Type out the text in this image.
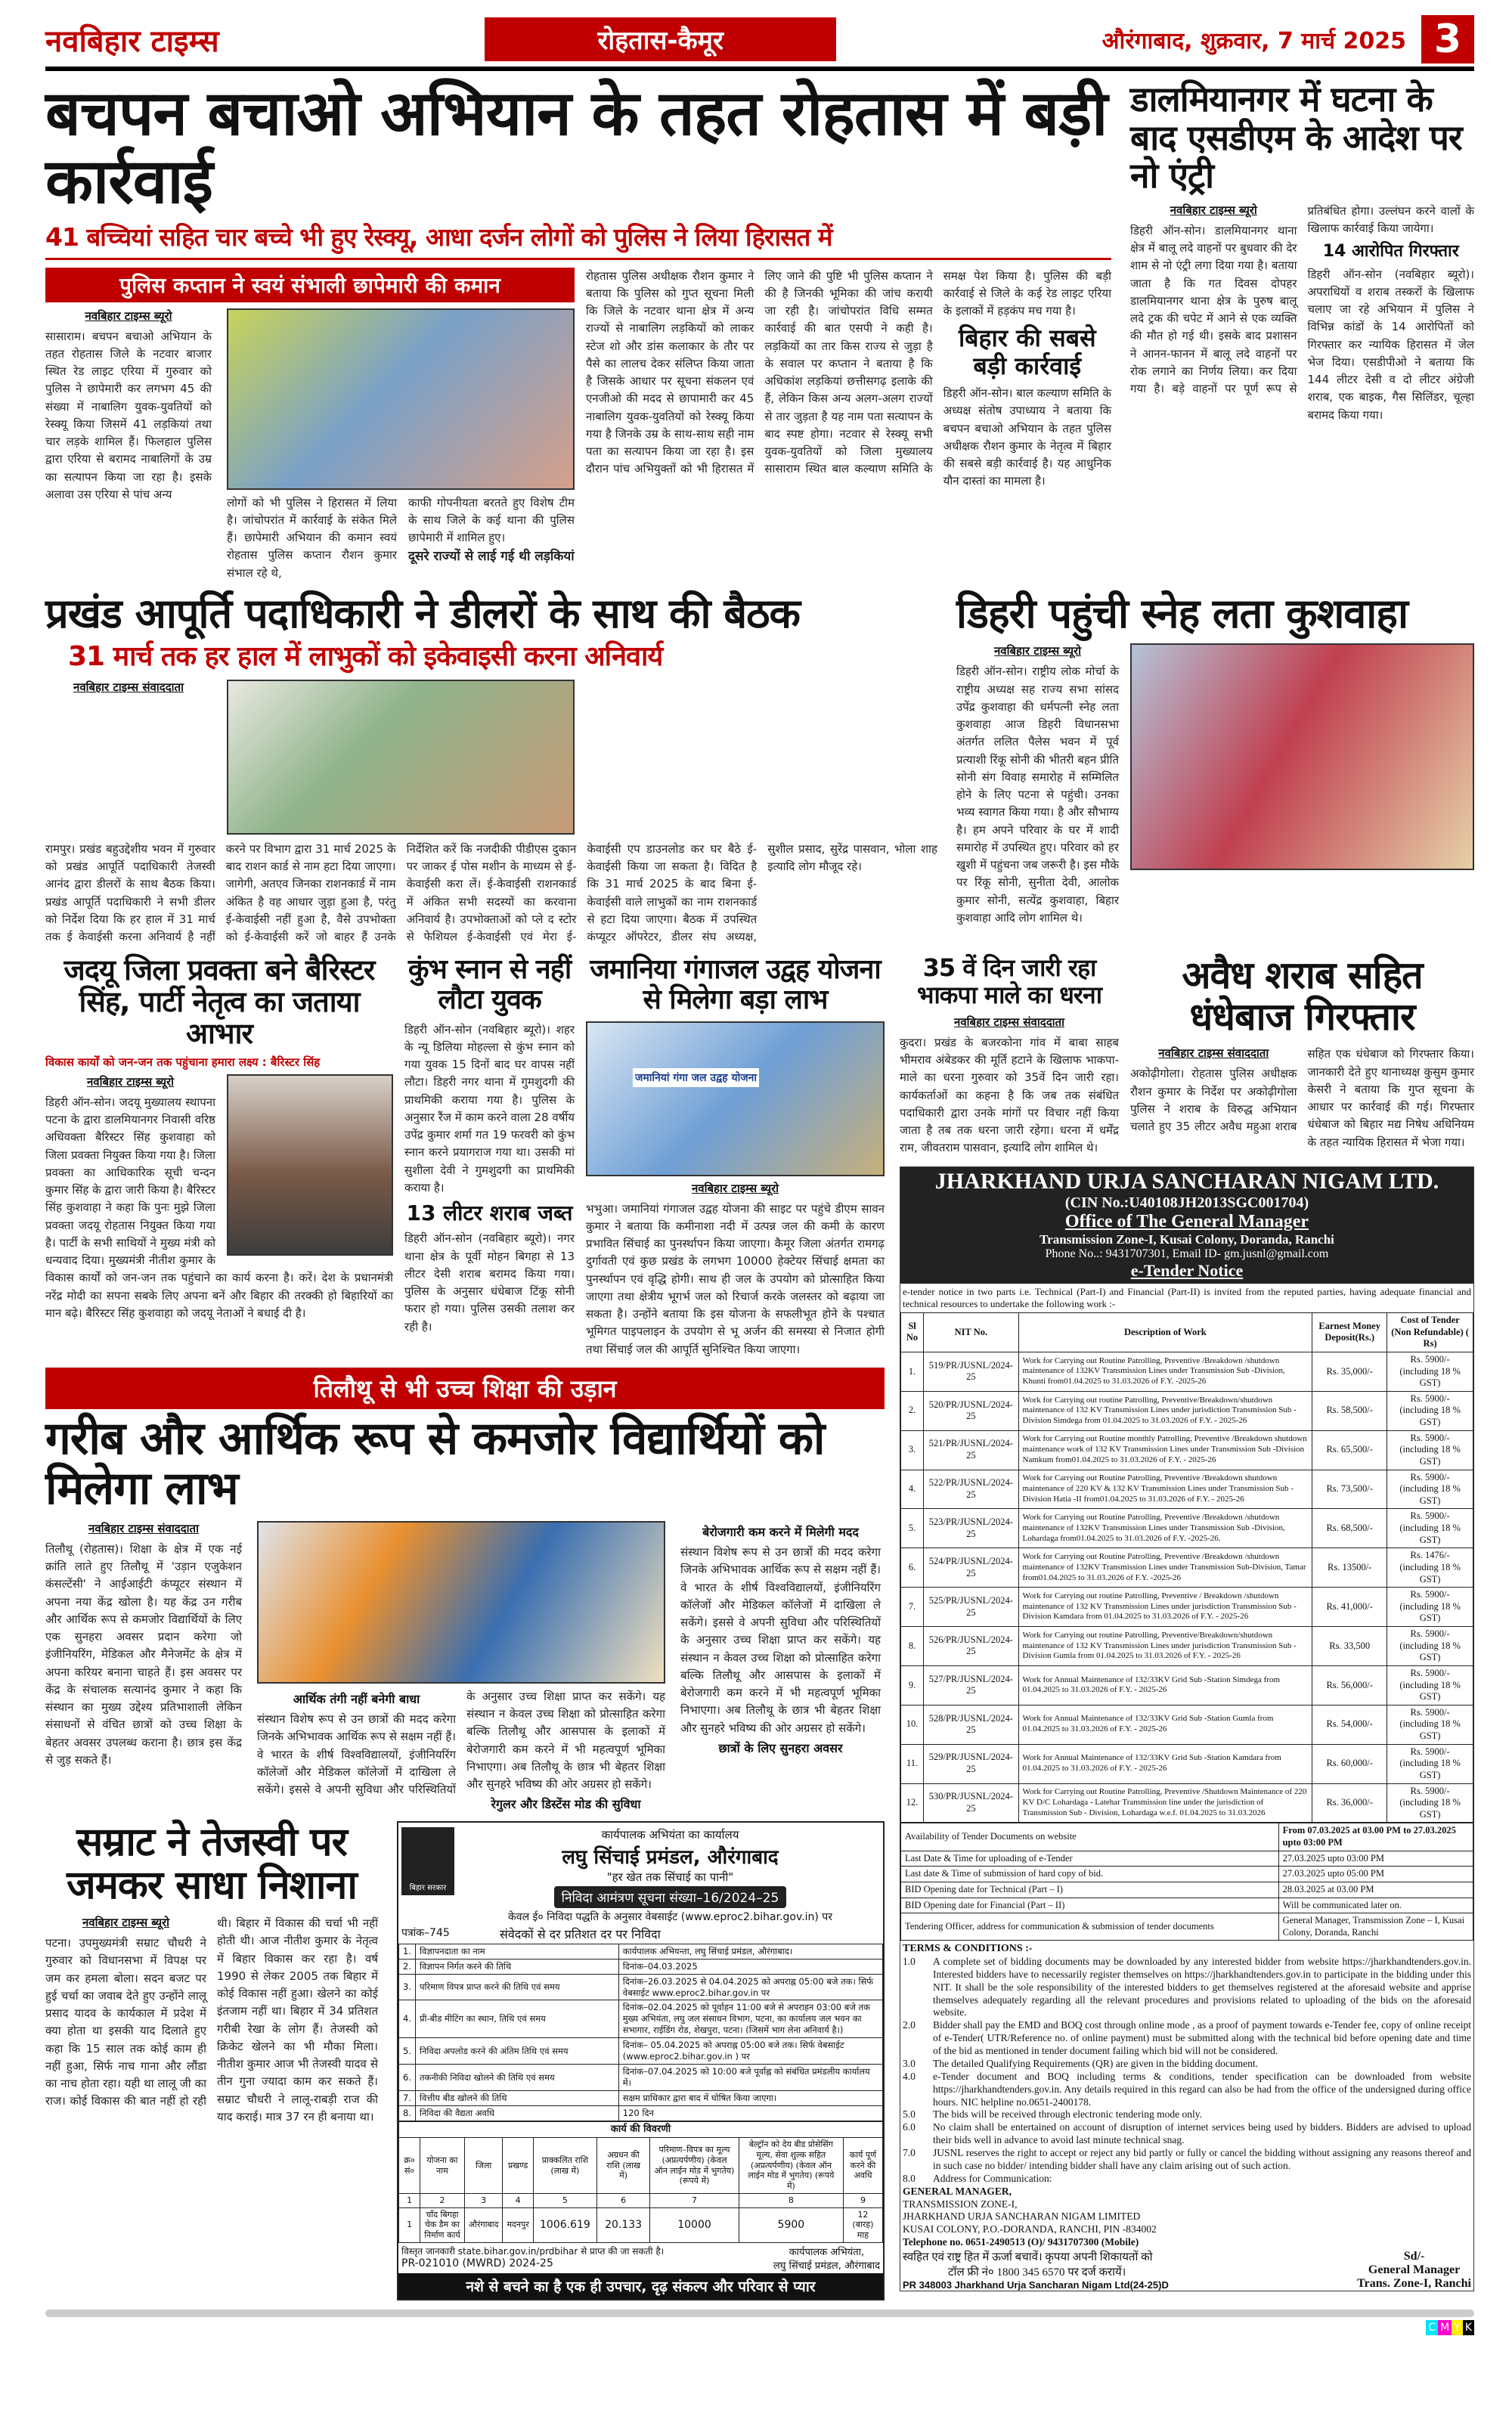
नवबिहार टाइम्स	रोहतास-कैमूर	औरंगाबाद, शुक्रवार, 7 मार्च 2025 3
बचपन बचाओ अभियान के तहत रोहतास में बड़ी कार्रवाई
41 बच्चियां सहित चार बच्चे भी हुए रेस्क्यू, आधा दर्जन लोगों को पुलिस ने लिया हिरासत में
पुलिस कप्तान ने स्वयं संभाली छापेमारी की कमान
नवबिहार टाइम्स ब्यूरो

सासाराम। बचपन बचाओ अभियान के तहत रोहतास जिले के नटवार बाजार स्थित रेड लाइट एरिया में गुरुवार को पुलिस ने छापेमारी कर लगभग 45 की संख्या में नाबालिग युवक-युवतियों को रेस्क्यू किया जिसमें 41 लड़कियां तथा चार लड़के शामिल हैं। फिलहाल पुलिस द्वारा एरिया से बरामद नाबालिगों के उम्र का सत्यापन किया जा रहा है। इसके अलावा उस एरिया से पांच अन्य

लोगों को भी पुलिस ने हिरासत में लिया है। जांचोपरांत में कार्रवाई के संकेत मिले हैं। छापेमारी अभियान की कमान स्वयं रोहतास पुलिस कप्तान रौशन कुमार संभाल रहे थे,

काफी गोपनीयता बरतते हुए विशेष टीम के साथ जिले के कई थाना की पुलिस छापेमारी में शामिल हुए।

दूसरे राज्यों से लाई गई थी लड़कियां

रोहतास पुलिस अधीक्षक रौशन कुमार ने बताया कि पुलिस को गुप्त सूचना मिली कि जिले के नटवार थाना क्षेत्र में अन्य राज्यों से नाबालिग लड़कियों को लाकर स्टेज शो और डांस कलाकार के तौर पर पैसे का लालच देकर संलिप्त किया जाता है जिसके आधार पर सूचना संकलन एवं एनजीओ की मदद से छापामारी कर 45 नाबालिग युवक-युवतियों को रेस्क्यू किया गया है जिनके उम्र के साथ-साथ सही नाम पता का सत्यापन किया जा रहा है। इस दौरान पांच अभियुक्तों को भी हिरासत में लिए जाने की पुष्टि भी पुलिस कप्तान ने की है जिनकी भूमिका की जांच करायी जा रही है। जांचोपरांत विधि सम्मत कार्रवाई की बात एसपी ने कही है। लड़कियों का तार किस राज्य से जुड़ा है के सवाल पर कप्तान ने बताया है कि अधिकांश लड़कियां छत्तीसगढ़ इलाके की हैं, लेकिन किस अन्य अलग-अलग राज्यों से तार जुड़ता है यह नाम पता सत्यापन के बाद स्पष्ट होगा। नटवार से रेस्क्यू सभी युवक-युवतियों को जिला मुख्यालय सासाराम स्थित बाल कल्याण समिति के समक्ष पेश किया है। पुलिस की बड़ी कार्रवाई से जिले के कई रेड लाइट एरिया के इलाकों में हड़कंप मच गया है।

बिहार की सबसे बड़ी कार्रवाई

डिहरी ऑन-सोन। बाल कल्याण समिति के अध्यक्ष संतोष उपाध्याय ने बताया कि बचपन बचाओ अभियान के तहत पुलिस अधीक्षक रौशन कुमार के नेतृत्व में बिहार की सबसे बड़ी कार्रवाई है। यह आधुनिक यौन दास्तां का मामला है।

डालमियानगर में घटना के बाद एसडीएम के आदेश पर नो एंट्री
नवबिहार टाइम्स ब्यूरो

डिहरी ऑन-सोन। डालमियानगर थाना क्षेत्र में बालू लदे वाहनों पर बुधवार की देर शाम से नो एंट्री लगा दिया गया है। बताया जाता है कि गत दिवस दोपहर डालमियानगर थाना क्षेत्र के पुरुष बालू लदे ट्रक की चपेट में आने से एक व्यक्ति की मौत हो गई थी। इसके बाद प्रशासन ने आनन-फानन में बालू लदे वाहनों पर रोक लगाने का निर्णय लिया। कर दिया गया है। बड़े वाहनों पर पूर्ण रूप से प्रतिबंधित होगा। उल्लंघन करने वालों के खिलाफ कार्रवाई किया जायेगा।

14 आरोपित गिरफ्तार

डिहरी ऑन-सोन (नवबिहार ब्यूरो)। अपराधियों व शराब तस्करों के खिलाफ चलाए जा रहे अभियान में पुलिस ने विभिन्न कांडों के 14 आरोपितों को गिरफ्तार कर न्यायिक हिरासत में जेल भेज दिया। एसडीपीओ ने बताया कि 144 लीटर देसी व दो लीटर अंग्रेजी शराब, एक बाइक, गैस सिलिंडर, चूल्हा बरामद किया गया।

प्रखंड आपूर्ति पदाधिकारी ने डीलरों के साथ की बैठक
31 मार्च तक हर हाल में लाभुकों को इकेवाइसी करना अनिवार्य
नवबिहार टाइम्स संवाददाता

रामपुर। प्रखंड बहुउद्देशीय भवन में गुरुवार को प्रखंड आपूर्ति पदाधिकारी तेजस्वी आनंद द्वारा डीलरों के साथ बैठक किया। प्रखंड आपूर्ति पदाधिकारी ने सभी डीलर को निर्देश दिया कि हर हाल में 31 मार्च तक ई केवाईसी करना अनिवार्य है नहीं करने पर विभाग द्वारा 31 मार्च 2025 के बाद राशन कार्ड से नाम हटा दिया जाएगा। जागेगी, अतएव जिनका राशनकार्ड में नाम अंकित है वह आधार जुड़ा हुआ है, परंतु ई-केवाईसी नहीं हुआ है, वैसे उपभोक्ता को ई-केवाईसी करें जो बाहर हैं उनके निर्देशित करें कि नजदीकी पीडीएस दुकान पर जाकर ई पोस मशीन के माध्यम से ई-केवाईसी करा लें। ई-केवाईसी राशनकार्ड में अंकित सभी सदस्यों का करवाना अनिवार्य है। उपभोक्ताओं को प्ले द स्टोर से फेशियल ई-केवाईसी एवं मेरा ई-केवाईसी एप डाउनलोड कर घर बैठे ई-केवाईसी किया जा सकता है। विदित है कि 31 मार्च 2025 के बाद बिना ई-केवाईसी वाले लाभुकों का नाम राशनकार्ड से हटा दिया जाएगा। बैठक में उपस्थित कंप्यूटर ऑपरेटर, डीलर संघ अध्यक्ष, सुशील प्रसाद, सुरेंद्र पासवान, भोला शाह इत्यादि लोग मौजूद रहे।

डिहरी पहुंची स्नेह लता कुशवाहा
नवबिहार टाइम्स ब्यूरो

डिहरी ऑन-सोन। राष्ट्रीय लोक मोर्चा के राष्ट्रीय अध्यक्ष सह राज्य सभा सांसद उपेंद्र कुशवाहा की धर्मपत्नी स्नेह लता कुशवाहा आज डिहरी विधानसभा अंतर्गत ललित पैलेस भवन में पूर्व प्रत्याशी रिंकू सोनी की भीतरी बहन प्रीति सोनी संग विवाह समारोह में सम्मिलित होने के लिए पटना से पहुंची। उनका भव्य स्वागत किया गया। है और सौभाग्य है। हम अपने परिवार के घर में शादी समारोह में उपस्थित हुए। परिवार को हर खुशी में पहुंचना जब जरूरी है। इस मौके पर रिंकू सोनी, सुनीता देवी, आलोक कुमार सोनी, सत्येंद्र कुशवाहा, बिहार कुशवाहा आदि लोग शामिल थे।

जदयू जिला प्रवक्ता बने बैरिस्टर सिंह, पार्टी नेतृत्व का जताया आभार
विकास कार्यों को जन-जन तक पहुंचाना हमारा लक्ष्य : बैरिस्टर सिंह
नवबिहार टाइम्स ब्यूरो

डिहरी ऑन-सोन। जदयू मुख्यालय स्थापना पटना के द्वारा डालमियानगर निवासी वरिष्ठ अधिवक्ता बैरिस्टर सिंह कुशवाहा को जिला प्रवक्ता नियुक्त किया गया है। जिला प्रवक्ता का आधिकारिक सूची चन्दन कुमार सिंह के द्वारा जारी किया है। बैरिस्टर सिंह कुशवाहा ने कहा कि पुनः मुझे जिला प्रवक्ता जदयू रोहतास नियुक्त किया गया है। पार्टी के सभी साथियों ने मुख्य मंत्री को धन्यवाद दिया। मुख्यमंत्री नीतीश कुमार के विकास कार्यों को जन-जन तक पहुंचाने का कार्य करना है। करें। देश के प्रधानमंत्री नरेंद्र मोदी का सपना सबके लिए अपना बनें और बिहार की तरक्की हो बिहारियों का मान बढ़े। बैरिस्टर सिंह कुशवाहा को जदयू नेताओं ने बधाई दी है।

कुंभ स्नान से नहीं लौटा युवक

डिहरी ऑन-सोन (नवबिहार ब्यूरो)। शहर के न्यू डिलिया मोहल्ला से कुंभ स्नान को गया युवक 15 दिनों बाद घर वापस नहीं लौटा। डिहरी नगर थाना में गुमशुदगी की प्राथमिकी कराया गया है। पुलिस के अनुसार रैंज में काम करने वाला 28 वर्षीय उपेंद्र कुमार शर्मा गत 19 फरवरी को कुंभ स्नान करने प्रयागराज गया था। उसकी मां सुशीला देवी ने गुमशुदगी का प्राथमिकी कराया है।

13 लीटर शराब जब्त

डिहरी ऑन-सोन (नवबिहार ब्यूरो)। नगर थाना क्षेत्र के पूर्वी मोहन बिगहा से 13 लीटर देसी शराब बरामद किया गया। पुलिस के अनुसार धंधेबाज टिंकू सोनी फरार हो गया। पुलिस उसकी तलाश कर रही है।

जमानिया गंगाजल उद्वह योजना से मिलेगा बड़ा लाभ
जमानियां गंगा जल उद्वह योजना
नवबिहार टाइम्स ब्यूरो

भभुआ। जमानियां गंगाजल उद्वह योजना की साइट पर पहुंचे डीएम सावन कुमार ने बताया कि कमीनाशा नदी में उत्पन्न जल की कमी के कारण प्रभावित सिंचाई का पुनर्स्थापन किया जाएगा। कैमूर जिला अंतर्गत रामगढ़ दुर्गावती एवं कुछ प्रखंड के लगभग 10000 हेक्टेयर सिंचाई क्षमता का पुनर्स्थापन एवं वृद्धि होगी। साथ ही जल के उपयोग को प्रोत्साहित किया जाएगा तथा क्षेत्रीय भूगर्भ जल को रिचार्ज करके जलस्तर को बढ़ाया जा सकता है। उन्होंने बताया कि इस योजना के सफलीभूत होने के पश्चात भूमिगत पाइपलाइन के उपयोग से भू अर्जन की समस्या से निजात होगी तथा सिंचाई जल की आपूर्ति सुनिश्चित किया जाएगा।

तिलौथू से भी उच्च शिक्षा की उड़ान
गरीब और आर्थिक रूप से कमजोर विद्यार्थियों को मिलेगा लाभ
नवबिहार टाइम्स संवाददाता

तिलौथू (रोहतास)। शिक्षा के क्षेत्र में एक नई क्रांति लाते हुए तिलौथू में 'उड़ान एजुकेशन कंसल्टेंसी' ने आईआईटी कंप्यूटर संस्थान में अपना नया केंद्र खोला है। यह केंद्र उन गरीब और आर्थिक रूप से कमजोर विद्यार्थियों के लिए एक सुनहरा अवसर प्रदान करेगा जो इंजीनियरिंग, मेडिकल और मैनेजमेंट के क्षेत्र में अपना करियर बनाना चाहते हैं। इस अवसर पर केंद्र के संचालक सत्यानंद कुमार ने कहा कि संस्थान का मुख्य उद्देश्य प्रतिभाशाली लेकिन संसाधनों से वंचित छात्रों को उच्च शिक्षा के बेहतर अवसर उपलब्ध कराना है। छात्र इस केंद्र से जुड़ सकते हैं।

आर्थिक तंगी नहीं बनेगी बाधा

संस्थान विशेष रूप से उन छात्रों की मदद करेगा जिनके अभिभावक आर्थिक रूप से सक्षम नहीं हैं। वे भारत के शीर्ष विश्वविद्यालयों, इंजीनियरिंग कॉलेजों और मेडिकल कॉलेजों में दाखिला ले सकेंगे। इससे वे अपनी सुविधा और परिस्थितियों के अनुसार उच्च शिक्षा प्राप्त कर सकेंगे। यह संस्थान न केवल उच्च शिक्षा को प्रोत्साहित करेगा बल्कि तिलौथू और आसपास के इलाकों में बेरोजगारी कम करने में भी महत्वपूर्ण भूमिका निभाएगा। अब तिलौथू के छात्र भी बेहतर शिक्षा और सुनहरे भविष्य की ओर अग्रसर हो सकेंगे।

रेगुलर और डिस्टेंस मोड की सुविधा
बेरोजगारी कम करने में मिलेगी मदद

संस्थान विशेष रूप से उन छात्रों की मदद करेगा जिनके अभिभावक आर्थिक रूप से सक्षम नहीं हैं। वे भारत के शीर्ष विश्वविद्यालयों, इंजीनियरिंग कॉलेजों और मेडिकल कॉलेजों में दाखिला ले सकेंगे। इससे वे अपनी सुविधा और परिस्थितियों के अनुसार उच्च शिक्षा प्राप्त कर सकेंगे। यह संस्थान न केवल उच्च शिक्षा को प्रोत्साहित करेगा बल्कि तिलौथू और आसपास के इलाकों में बेरोजगारी कम करने में भी महत्वपूर्ण भूमिका निभाएगा। अब तिलौथू के छात्र भी बेहतर शिक्षा और सुनहरे भविष्य की ओर अग्रसर हो सकेंगे।

छात्रों के लिए सुनहरा अवसर
सम्राट ने तेजस्वी पर जमकर साधा निशाना
नवबिहार टाइम्स ब्यूरो

पटना। उपमुख्यमंत्री सम्राट चौधरी ने गुरुवार को विधानसभा में विपक्ष पर जम कर हमला बोला। सदन बजट पर हुई चर्चा का जवाब देते हुए उन्होंने लालू प्रसाद यादव के कार्यकाल में प्रदेश में क्या होता था इसकी याद दिलाते हुए कहा कि 15 साल तक कोई काम ही नहीं हुआ, सिर्फ नाच गाना और लौंडा का नाच होता रहा। यही था लालू जी का राज। कोई विकास की बात नहीं हो रही थी। बिहार में विकास की चर्चा भी नहीं होती थी। आज नीतीश कुमार के नेतृत्व में बिहार विकास कर रहा है। वर्ष 1990 से लेकर 2005 तक बिहार में कोई विकास नहीं हुआ। खेलने का कोई इंतजाम नहीं था। बिहार में 34 प्रतिशत गरीबी रेखा के लोग हैं। तेजस्वी को क्रिकेट खेलने का भी मौका मिला। नीतीश कुमार आज भी तेजस्वी यादव से तीन गुना ज्यादा काम कर सकते हैं। सम्राट चौधरी ने लालू-राबड़ी राज की याद कराई। मात्र 37 रन ही बनाया था।

बिहार सरकार
कार्यपालक अभियंता का कार्यालय
लघु सिंचाई प्रमंडल, औरंगाबाद
"हर खेत तक सिंचाई का पानी"
निविदा आमंत्रण सूचना संख्या–16/2024–25
केवल ई० निविदा पद्धति के अनुसार वेबसाईट (www.eproc2.bihar.gov.in) पर
पत्रांक–745	संवेदकों से दर प्रतिशत दर पर निविदा
1.	विज्ञापनदाता का नाम	कार्यपालक अभियन्ता, लघु सिंचाई प्रमंडल, औरंगाबाद।
2.	विज्ञापन निर्गत करने की तिथि	दिनांक–04.03.2025
3.	परिमाण विपत्र प्राप्त करने की तिथि एवं समय	दिनांक–26.03.2025 से 04.04.2025 को अपराह्न 05:00 बजे तक। सिर्फ वेबसाईट www.eproc2.bihar.gov.in पर
4.	प्री-बीड मीटिंग का स्थान, तिथि एवं समय	दिनांक–02.04.2025 को पूर्वाहन 11:00 बजे से अपराहन 03:00 बजे तक मुख्य अभियंता, लघु जल संसाधन विभाग, पटना, का कार्यालय जल भवन का सभागार, राईडिंग रोड, शेखपुरा, पटना। (जिसमें भाग लेना अनिवार्य है।)
5.	निविदा अपलोड करने की अंतिम तिथि एवं समय	दिनांक– 05.04.2025 को अपराह्न 05:00 बजे तक। सिर्फ वेबसाईट (www.eproc2.bihar.gov.in ) पर
6.	तकनीकी निविदा खोलने की तिथि एवं समय	दिनांक–07.04.2025 को 10:00 बजे पूर्वाह्न को संबंधित प्रमंडलीय कार्यालय में।
7.	वित्तीय बीड खोलने की तिथि	सक्षम प्राधिकार द्वारा बाद में घोषित किया जाएगा।
8.	निविदा की वैद्यता अवधि	120 दिन
कार्य की विवरणी								
क्र० सं०	योजना का नाम	जिला	प्रखण्ड	प्राक्कलित राशि (लाख में)	अग्रधन की राशि (लाख में)	परिमाण–विपत्र का मूल्य (अप्रत्यर्पणीय) (केवल ऑन लाईन मोड में भुगतेय) (रूपये में)	बेल्ट्रॉन को देय बीड प्रोसेसिंग मूल्य, सेवा शुल्क सहित (अप्रत्यर्पणीय) (केवल ऑन लाईन मोड में भुगतेय) (रूपये में)	कार्य पूर्ण करने की अवधि
1	2	3	4	5	6	7	8	9
1	चाँद बिगहा चेक डैम का निर्माण कार्य	औरंगाबाद	मदनपुर	1006.619	20.133	10000	5900	12 (बारह) माह
विस्तृत जानकारी state.bihar.gov.in/prdbihar से प्राप्त की जा सकती है।
PR-021010 (MWRD) 2024-25
कार्यपालक अभियंता,
लघु सिंचाई प्रमंडल, औरंगाबाद
नशे से बचने का है एक ही उपचार, दृढ़ संकल्प और परिवार से प्यार
35 वें दिन जारी रहा भाकपा माले का धरना
नवबिहार टाइम्स संवाददाता

कुदरा। प्रखंड के बजरकोना गांव में बाबा साहब भीमराव अंबेडकर की मूर्ति हटाने के खिलाफ भाकपा-माले का धरना गुरुवार को 35वें दिन जारी रहा। कार्यकर्ताओं का कहना है कि जब तक संबंधित पदाधिकारी द्वारा उनके मांगों पर विचार नहीं किया जाता है तब तक धरना जारी रहेगा। धरना में धर्मेंद्र राम, जीवतराम पासवान, इत्यादि लोग शामिल थे।

अवैध शराब सहित धंधेबाज गिरफ्तार
नवबिहार टाइम्स संवाददाता

अकोढ़ीगोला। रोहतास पुलिस अधीक्षक रौशन कुमार के निर्देश पर अकोढ़ीगोला पुलिस ने शराब के विरुद्ध अभियान चलाते हुए 35 लीटर अवैध महुआ शराब सहित एक धंधेबाज को गिरफ्तार किया। जानकारी देते हुए थानाध्यक्ष कुसुम कुमार केसरी ने बताया कि गुप्त सूचना के आधार पर कार्रवाई की गई। गिरफ्तार धंधेबाज को बिहार मद्य निषेध अधिनियम के तहत न्यायिक हिरासत में भेजा गया।

JHARKHAND URJA SANCHARAN NIGAM LTD.
(CIN No.:U40108JH2013SGC001704)
Office of The General Manager
Transmission Zone-I, Kusai Colony, Doranda, Ranchi
Phone No..: 9431707301, Email ID- gm.jusnl@gmail.com
e-Tender Notice

e-tender notice in two parts i.e. Technical (Part-I) and Financial (Part-II) is invited from the reputed parties, having adequate financial and technical resources to undertake the following work :-

Sl No	NIT No.	Description of Work	Earnest Money Deposit(Rs.)	Cost of Tender (Non Refundable) ( Rs)
1.	519/PR/JUSNL/2024-25	Work for Carrying out Routine Patrolling, Preventive /Breakdown /shutdown maintenance of 132KV Transmission Lines under Transmission Sub -Division, Khunti from01.04.2025 to 31.03.2026 of F.Y. -2025-26	Rs. 35,000/-	Rs. 5900/- (including 18 % GST)
2.	520/PR/JUSNL/2024-25	Work for Carrying out routine Patrolling, Preventive/Breakdown/shutdown maintenance of 132 KV Transmission Lines under jurisdiction Transmission Sub - Division Simdega from 01.04.2025 to 31.03.2026 of F.Y. - 2025-26	Rs. 58,500/-	Rs. 5900/- (including 18 % GST)
3.	521/PR/JUSNL/2024-25	Work for Carrying out Routine monthly Patrolling, Preventive /Breakdown shutdown maintenance work of 132 KV Transmission Lines under Transmission Sub -Division Namkum from01.04.2025 to 31.03.2026 of F.Y. - 2025-26	Rs. 65,500/-	Rs. 5900/- (including 18 % GST)
4.	522/PR/JUSNL/2024-25	Work for Carrying out Routine Patrolling, Preventive /Breakdown shutdown maintenance of 220 KV & 132 KV Transmission Lines under Transmission Sub -Division Hatia -II from01.04.2025 to 31.03.2026 of F.Y. - 2025-26	Rs. 73,500/-	Rs. 5900/- (including 18 % GST)
5.	523/PR/JUSNL/2024-25	Work for Carrying out Routine Patrolling, Preventive /Breakdown /shutdown maintenance of 132KV Transmission Lines under Transmission Sub -Division, Lohardaga from01.04.2025 to 31.03.2026 of F.Y. -2025-26.	Rs. 68,500/-	Rs. 5900/- (including 18 % GST)
6.	524/PR/JUSNL/2024-25	Work for Carrying out Routine Patrolling, Preventive /Breakdown /shutdown maintenance of 132KV Transmission Lines under Transmission Sub-Division, Tamar from01.04.2025 to 31.03.2026 of F.Y. -2025-26	Rs. 13500/-	Rs. 1476/- (including 18 % GST)
7.	525/PR/JUSNL/2024-25	Work for Carrying out routine Patrolling, Preventive / Breakdown /shutdown maintenance of 132 KV Transmission Lines under jurisdiction Transmission Sub -Division Kamdara from 01.04.2025 to 31.03.2026 of F.Y. - 2025-26	Rs. 41,000/-	Rs. 5900/- (including 18 % GST)
8.	526/PR/JUSNL/2024-25	Work for Carrying out routine Patrolling, Preventive/Breakdown/shutdown maintenance of 132 KV Transmission Lines under jurisdiction Transmission Sub - Division Gumla from 01.04.2025 to 31.03.2026 of F.Y. - 2025-26	Rs. 33,500	Rs. 5900/- (including 18 % GST)
9.	527/PR/JUSNL/2024-25	Work for Annual Maintenance of 132/33KV Grid Sub -Station Simdega from 01.04.2025 to 31.03.2026 of F.Y. - 2025-26	Rs. 56,000/-	Rs. 5900/- (including 18 % GST)
10.	528/PR/JUSNL/2024-25	Work for Annual Maintenance of 132/33KV Grid Sub -Station Gumla from 01.04.2025 to 31.03.2026 of F.Y. - 2025-26	Rs. 54,000/-	Rs. 5900/- (including 18 % GST)
11.	529/PR/JUSNL/2024-25	Work for Annual Maintenance of 132/33KV Grid Sub -Station Kamdara from 01.04.2025 to 31.03.2026 of F.Y. - 2025-26	Rs. 60,000/-	Rs. 5900/- (including 18 % GST)
12.	530/PR/JUSNL/2024-25	Work for Carrying out Routine Patrolling, Preventive /Shutdown Maintenance of 220 KV D/C Lohardaga - Latehar Transmission line under the jurisdiction of Transmission Sub - Division, Lohardaga w.e.f. 01.04.2025 to 31.03.2026	Rs. 36,000/-	Rs. 5900/- (including 18 % GST)
Availability of Tender Documents on website	From 07.03.2025 at 03.00 PM to 27.03.2025 upto 03:00 PM
Last Date & Time for uploading of e-Tender	27.03.2025 upto 03:00 PM
Last date & Time of submission of hard copy of bid.	27.03.2025 upto 05:00 PM
BID Opening date for Technical (Part – I)	28.03.2025 at 03.00 PM
BID Opening date for Financial (Part – II)	Will be communicated later on.
Tendering Officer, address for communication & submission of tender documents	General Manager, Transmission Zone – I, Kusai Colony, Doranda, Ranchi
TERMS & CONDITIONS :-
1.0	A complete set of bidding documents may be downloaded by any interested bidder from website https://jharkhandtenders.gov.in. Interested bidders have to necessarily register themselves on https://jharkhandtenders.gov.in to participate in the bidding under this NIT. It shall be the sole responsibility of the interested bidders to get themselves registered at the aforesaid website and apprise themselves adequately regarding all the relevant procedures and provisions related to uploading of the bids on the aforesaid website.
2.0	Bidder shall pay the EMD and BOQ cost through online mode , as a proof of payment towards e-Tender fee, copy of online receipt of e-Tender( UTR/Reference no. of online payment) must be submitted along with the technical bid before opening date and time of the bid as mentioned in tender document failing which bid will not be considered.
3.0	The detailed Qualifying Requirements (QR) are given in the bidding document.
4.0	e-Tender document and BOQ including terms & conditions, tender specification can be downloaded from website https://jharkhandtenders.gov.in. Any details required in this regard can also be had from the office of the undersigned during office hours. NIC helpline no.0651-2400178.
5.0	The bids will be received through electronic tendering mode only.
6.0	No claim shall be entertained on account of disruption of internet services being used by bidders. Bidders are advised to upload their bids well in advance to avoid last minute technical snag.
7.0	JUSNL reserves the right to accept or reject any bid partly or fully or cancel the bidding without assigning any reasons thereof and in such case no bidder/ intending bidder shall have any claim arising out of such action.
8.0	Address for Communication:
GENERAL MANAGER,
TRANSMISSION ZONE-I,
JHARKHAND URJA SANCHARAN NIGAM LIMITED
KUSAI COLONY, P.O.-DORANDA, RANCHI, PIN -834002
Telephone no. 0651-2490513 (O)/ 9431707300 (Mobile)
स्वहित एवं राष्ट्र हित में ऊर्जा बचावें। कृपया अपनी शिकायतों को
टॉल फ्री नं० 1800 345 6570 पर दर्ज करायें।
PR 348003 Jharkhand Urja Sancharan Nigam Ltd(24-25)D
Sd/-
General Manager
Trans. Zone-I, Ranchi
C M Y K
